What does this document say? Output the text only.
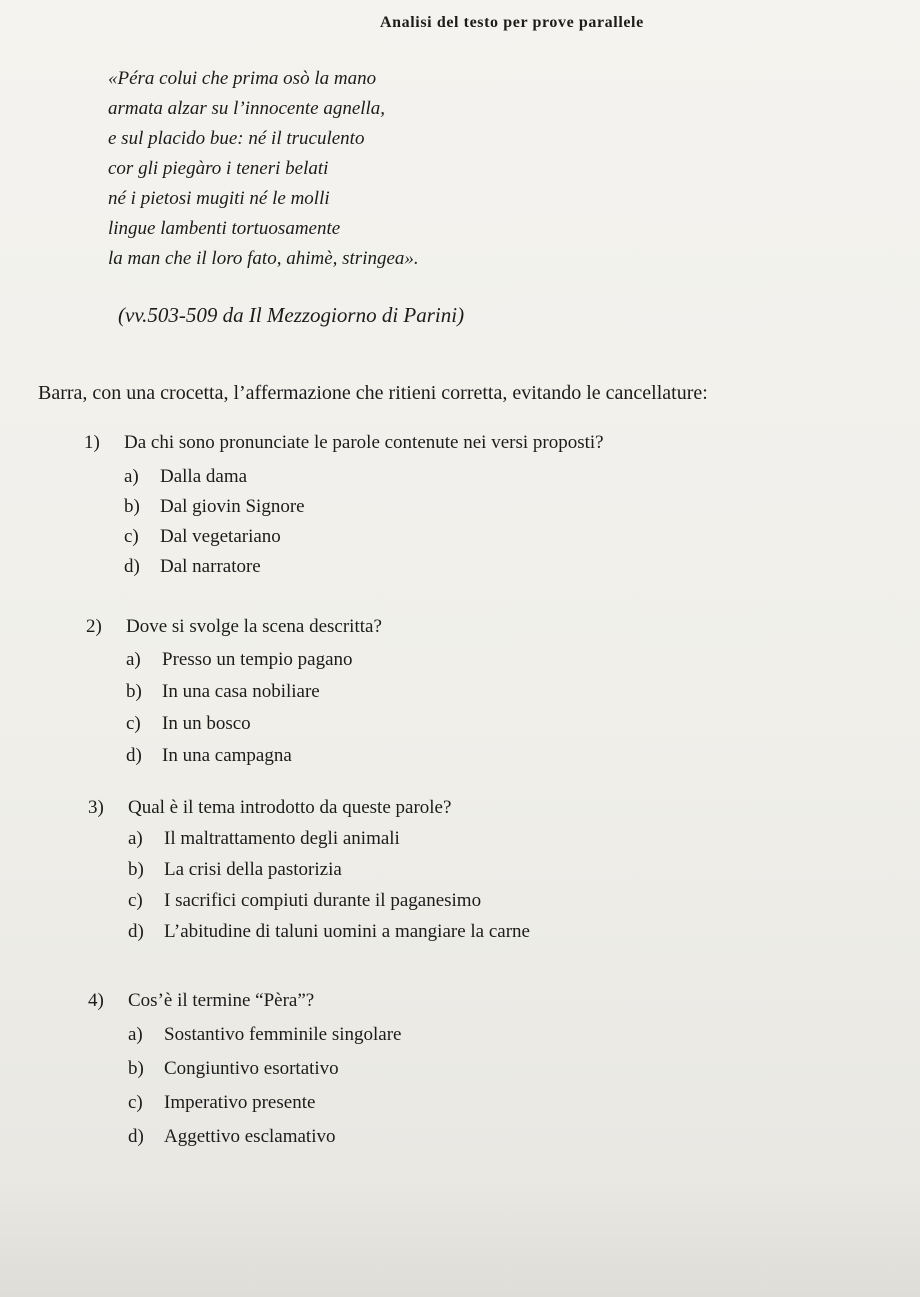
Analisi del testo per prove parallele
«Péra colui che prima osò la mano
armata alzar su l’innocente agnella,
e sul placido bue: né il truculento
cor gli piegàro i teneri belati
né i pietosi mugiti né le molli
lingue lambenti tortuosamente
la man che il loro fato, ahimè, stringea».
(vv.503-509 da Il Mezzogiorno di Parini)
Barra, con una crocetta, l’affermazione che ritieni corretta, evitando le cancellature:
1) Da chi sono pronunciate le parole contenute nei versi proposti?
a) Dalla dama
b) Dal giovin Signore
c) Dal vegetariano
d) Dal narratore
2) Dove si svolge la scena descritta?
a) Presso un tempio pagano
b) In una casa nobiliare
c) In un bosco
d) In una campagna
3) Qual è il tema introdotto da queste parole?
a) Il maltrattamento degli animali
b) La crisi della pastorizia
c) I sacrifici compiuti durante il paganesimo
d) L’abitudine di taluni uomini a mangiare la carne
4) Cos’è il termine “Pèra”?
a) Sostantivo femminile singolare
b) Congiuntivo esortativo
c) Imperativo presente
d) Aggettivo esclamativo
